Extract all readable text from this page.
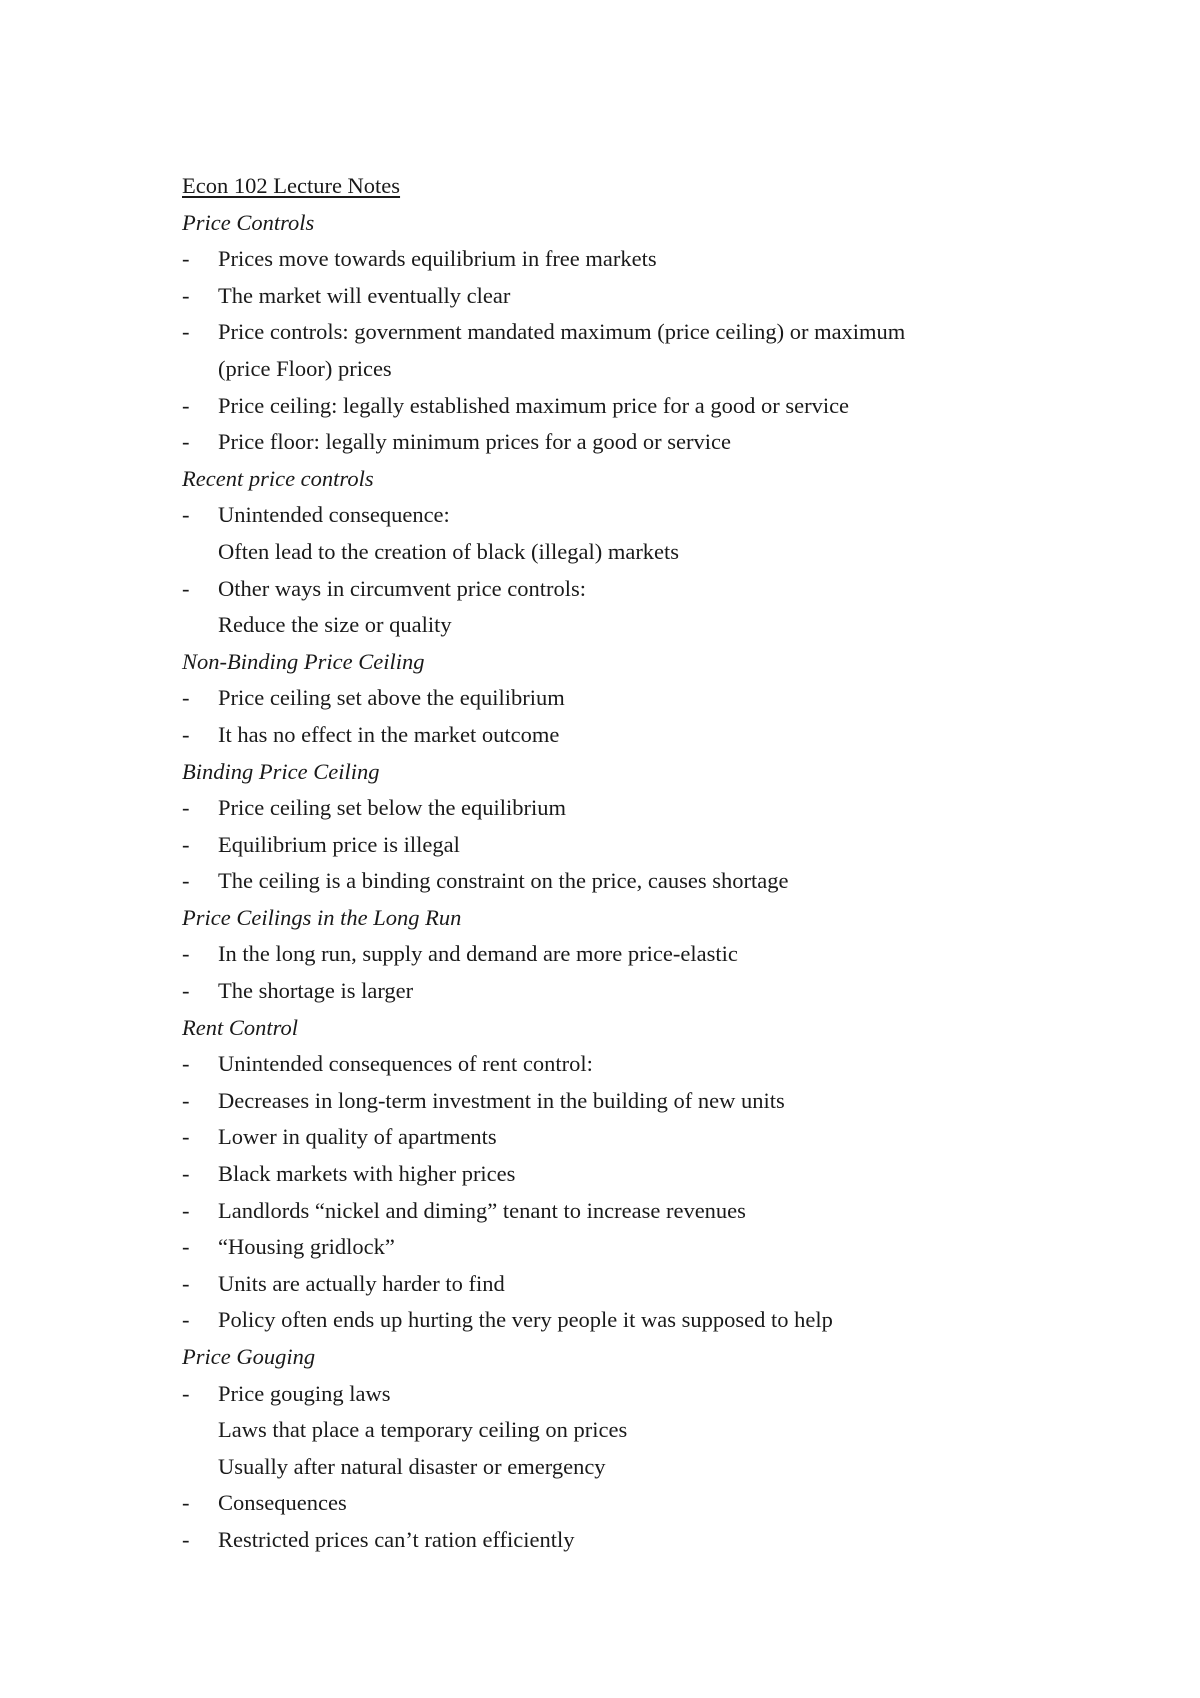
Econ 102 Lecture Notes
Price Controls
- Prices move towards equilibrium in free markets
- The market will eventually clear
- Price controls: government mandated maximum (price ceiling) or maximum
(price Floor) prices
- Price ceiling: legally established maximum price for a good or service
- Price floor: legally minimum prices for a good or service
Recent price controls
- Unintended consequence:
Often lead to the creation of black (illegal) markets
- Other ways in circumvent price controls:
Reduce the size or quality
Non-Binding Price Ceiling
- Price ceiling set above the equilibrium
- It has no effect in the market outcome
Binding Price Ceiling
- Price ceiling set below the equilibrium
- Equilibrium price is illegal
- The ceiling is a binding constraint on the price, causes shortage
Price Ceilings in the Long Run
- In the long run, supply and demand are more price-elastic
- The shortage is larger
Rent Control
- Unintended consequences of rent control:
- Decreases in long-term investment in the building of new units
- Lower in quality of apartments
- Black markets with higher prices
- Landlords “nickel and diming” tenant to increase revenues
- “Housing gridlock”
- Units are actually harder to find
- Policy often ends up hurting the very people it was supposed to help
Price Gouging
- Price gouging laws
Laws that place a temporary ceiling on prices
Usually after natural disaster or emergency
- Consequences
- Restricted prices can’t ration efficiently
